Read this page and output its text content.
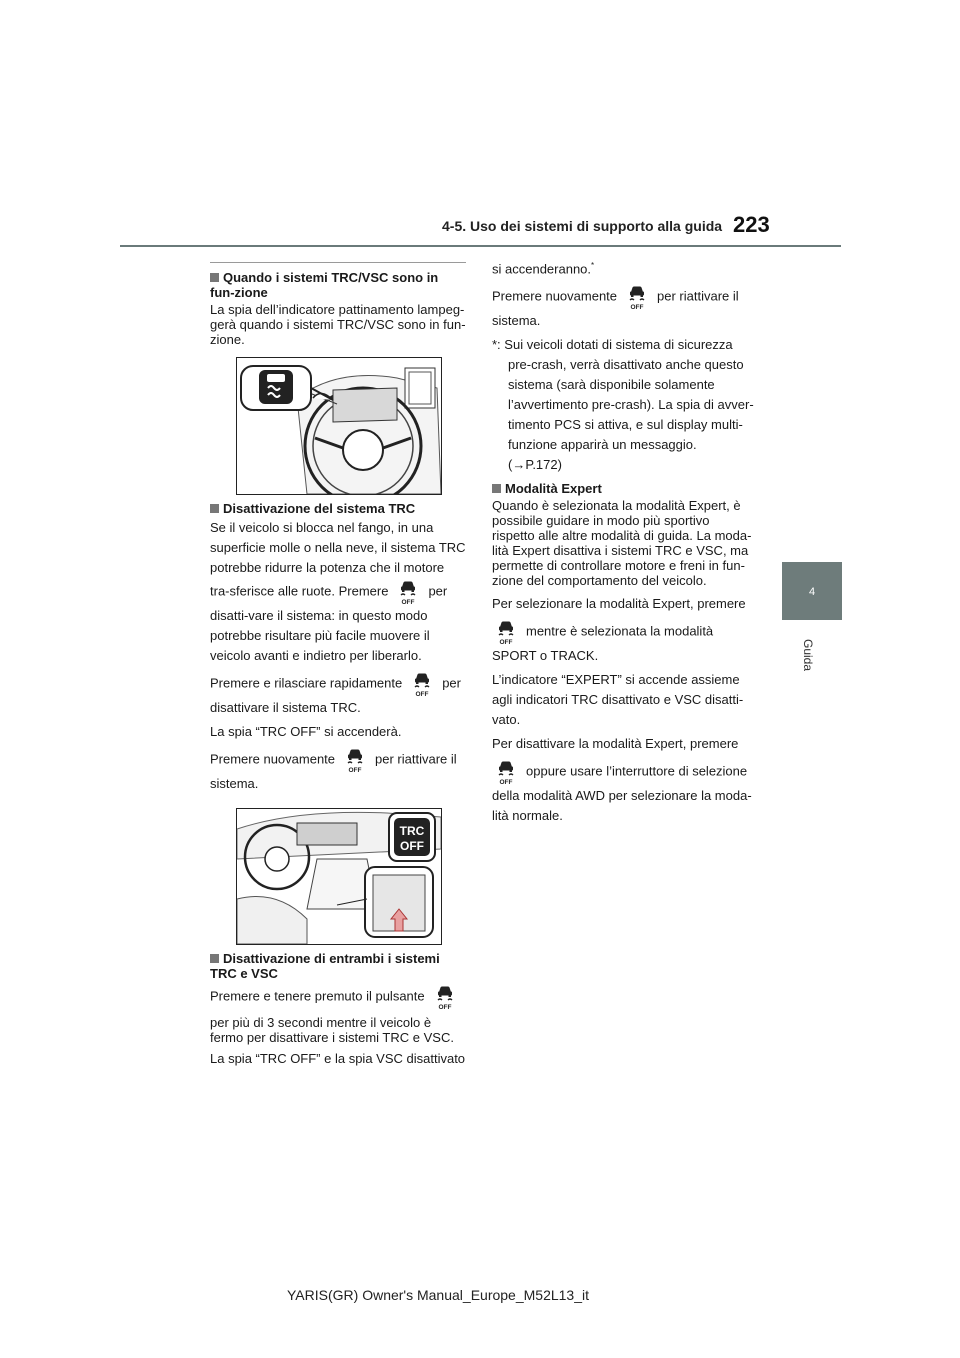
4-5. Uso dei sistemi di supporto alla guida 223
4
Guida
Quando i sistemi TRC/VSC sono in fun-zione

La spia dell’indicatore pattinamento lampeg-gerà quando i sistemi TRC/VSC sono in fun-zione.

Disattivazione del sistema TRC

Se il veicolo si blocca nel fango, in una superficie molle o nella neve, il sistema TRC potrebbe ridurre la potenza che il motore tra-sferisce alle ruote. Premere	per disatti-vare il sistema: in questo modo potrebbe risultare più facile muovere il veicolo avanti e indietro per liberarlo.

Premere e rilasciare rapidamente	per disattivare il sistema TRC.

La spia “TRC OFF” si accenderà.

Premere nuovamente	per riattivare il sistema.

TRC
OFF
Disattivazione di entrambi i sistemi TRC e VSC

Premere e tenere premuto il pulsante

per più di 3 secondi mentre il veicolo è fermo per disattivare i sistemi TRC e VSC.

La spia “TRC OFF” e la spia VSC disattivato

si accenderanno.*

Premere nuovamente	per riattivare il sistema.

*: Sui veicoli dotati di sistema di sicurezza pre-crash, verrà disattivato anche questo sistema (sarà disponibile solamente l’avvertimento pre-crash). La spia di avver-timento PCS si attiva, e sul display multi-funzione apparirà un messaggio. (→P.172)

Modalità Expert

Quando è selezionata la modalità Expert, è possibile guidare in modo più sportivo rispetto alle altre modalità di guida. La moda-lità Expert disattiva i sistemi TRC e VSC, ma permette di controllare motore e freni in fun-zione del comportamento del veicolo.

Per selezionare la modalità Expert, premere

mentre è selezionata la modalità SPORT o TRACK.

L’indicatore “EXPERT” si accende assieme agli indicatori TRC disattivato e VSC disatti-vato.

Per disattivare la modalità Expert, premere

oppure usare l’interruttore di selezione della modalità AWD per selezionare la moda-lità normale.

YARIS(GR) Owner's Manual_Europe_M52L13_it
